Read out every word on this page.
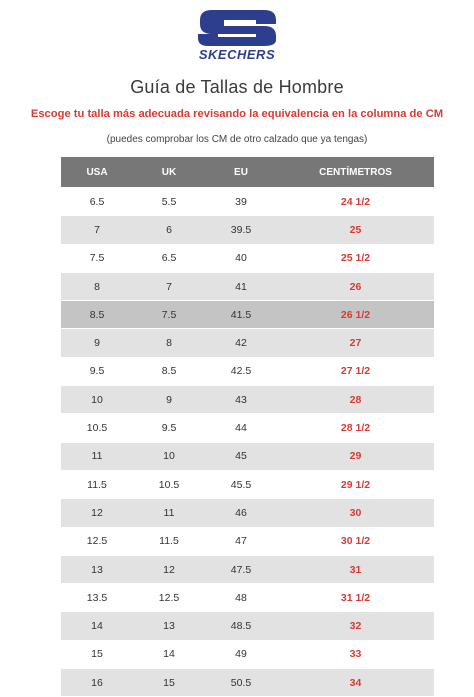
SKECHERS
Guía de Tallas de Hombre
Escoge tu talla más adecuada revisando la equivalencia en la columna de CM
(puedes comprobar los CM de otro calzado que ya tengas)
USA	UK	EU	CENTÍMETROS
6.5	5.5	39	24 1/2
7	6	39.5	25
7.5	6.5	40	25 1/2
8	7	41	26
8.5	7.5	41.5	26 1/2
9	8	42	27
9.5	8.5	42.5	27 1/2
10	9	43	28
10.5	9.5	44	28 1/2
11	10	45	29
11.5	10.5	45.5	29 1/2
12	11	46	30
12.5	11.5	47	30 1/2
13	12	47.5	31
13.5	12.5	48	31 1/2
14	13	48.5	32
15	14	49	33
16	15	50.5	34
